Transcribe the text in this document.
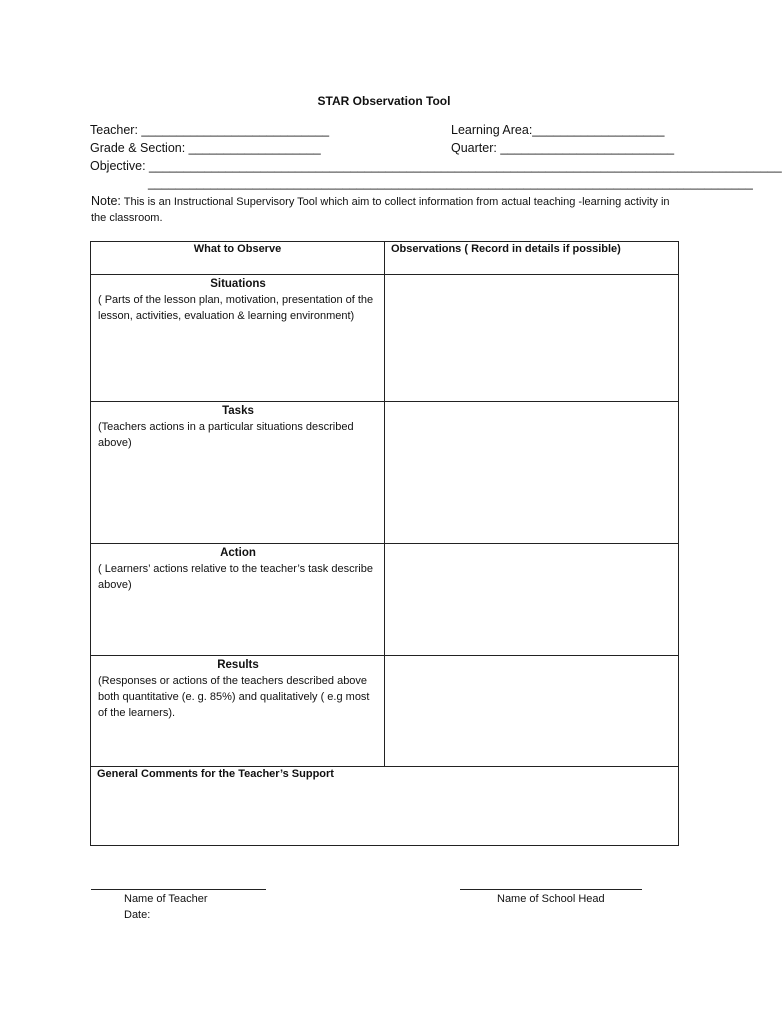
STAR Observation Tool
Teacher: ___________________________
Grade & Section: ___________________
Objective: ___________________________________________________________________________________________
_______________________________________________________________________________________
Learning Area:___________________
Quarter: _________________________
Note: This is an Instructional Supervisory Tool which aim to collect information from actual teaching -learning activity in the classroom.
What to Observe	Observations ( Record in details if possible)

Situations
( Parts of the lesson plan, motivation, presentation of the lesson, activities, evaluation & learning environment)	

Tasks
(Teachers actions in a particular situations described above)	

Action
( Learners’ actions relative to the teacher’s task describe above)	

Results
(Responses or actions of the teachers described above both quantitative (e. g. 85%) and qualitatively ( e.g most of the learners).	

General Comments for the Teacher’s Support	
Name of Teacher
Date:
Name of School Head
